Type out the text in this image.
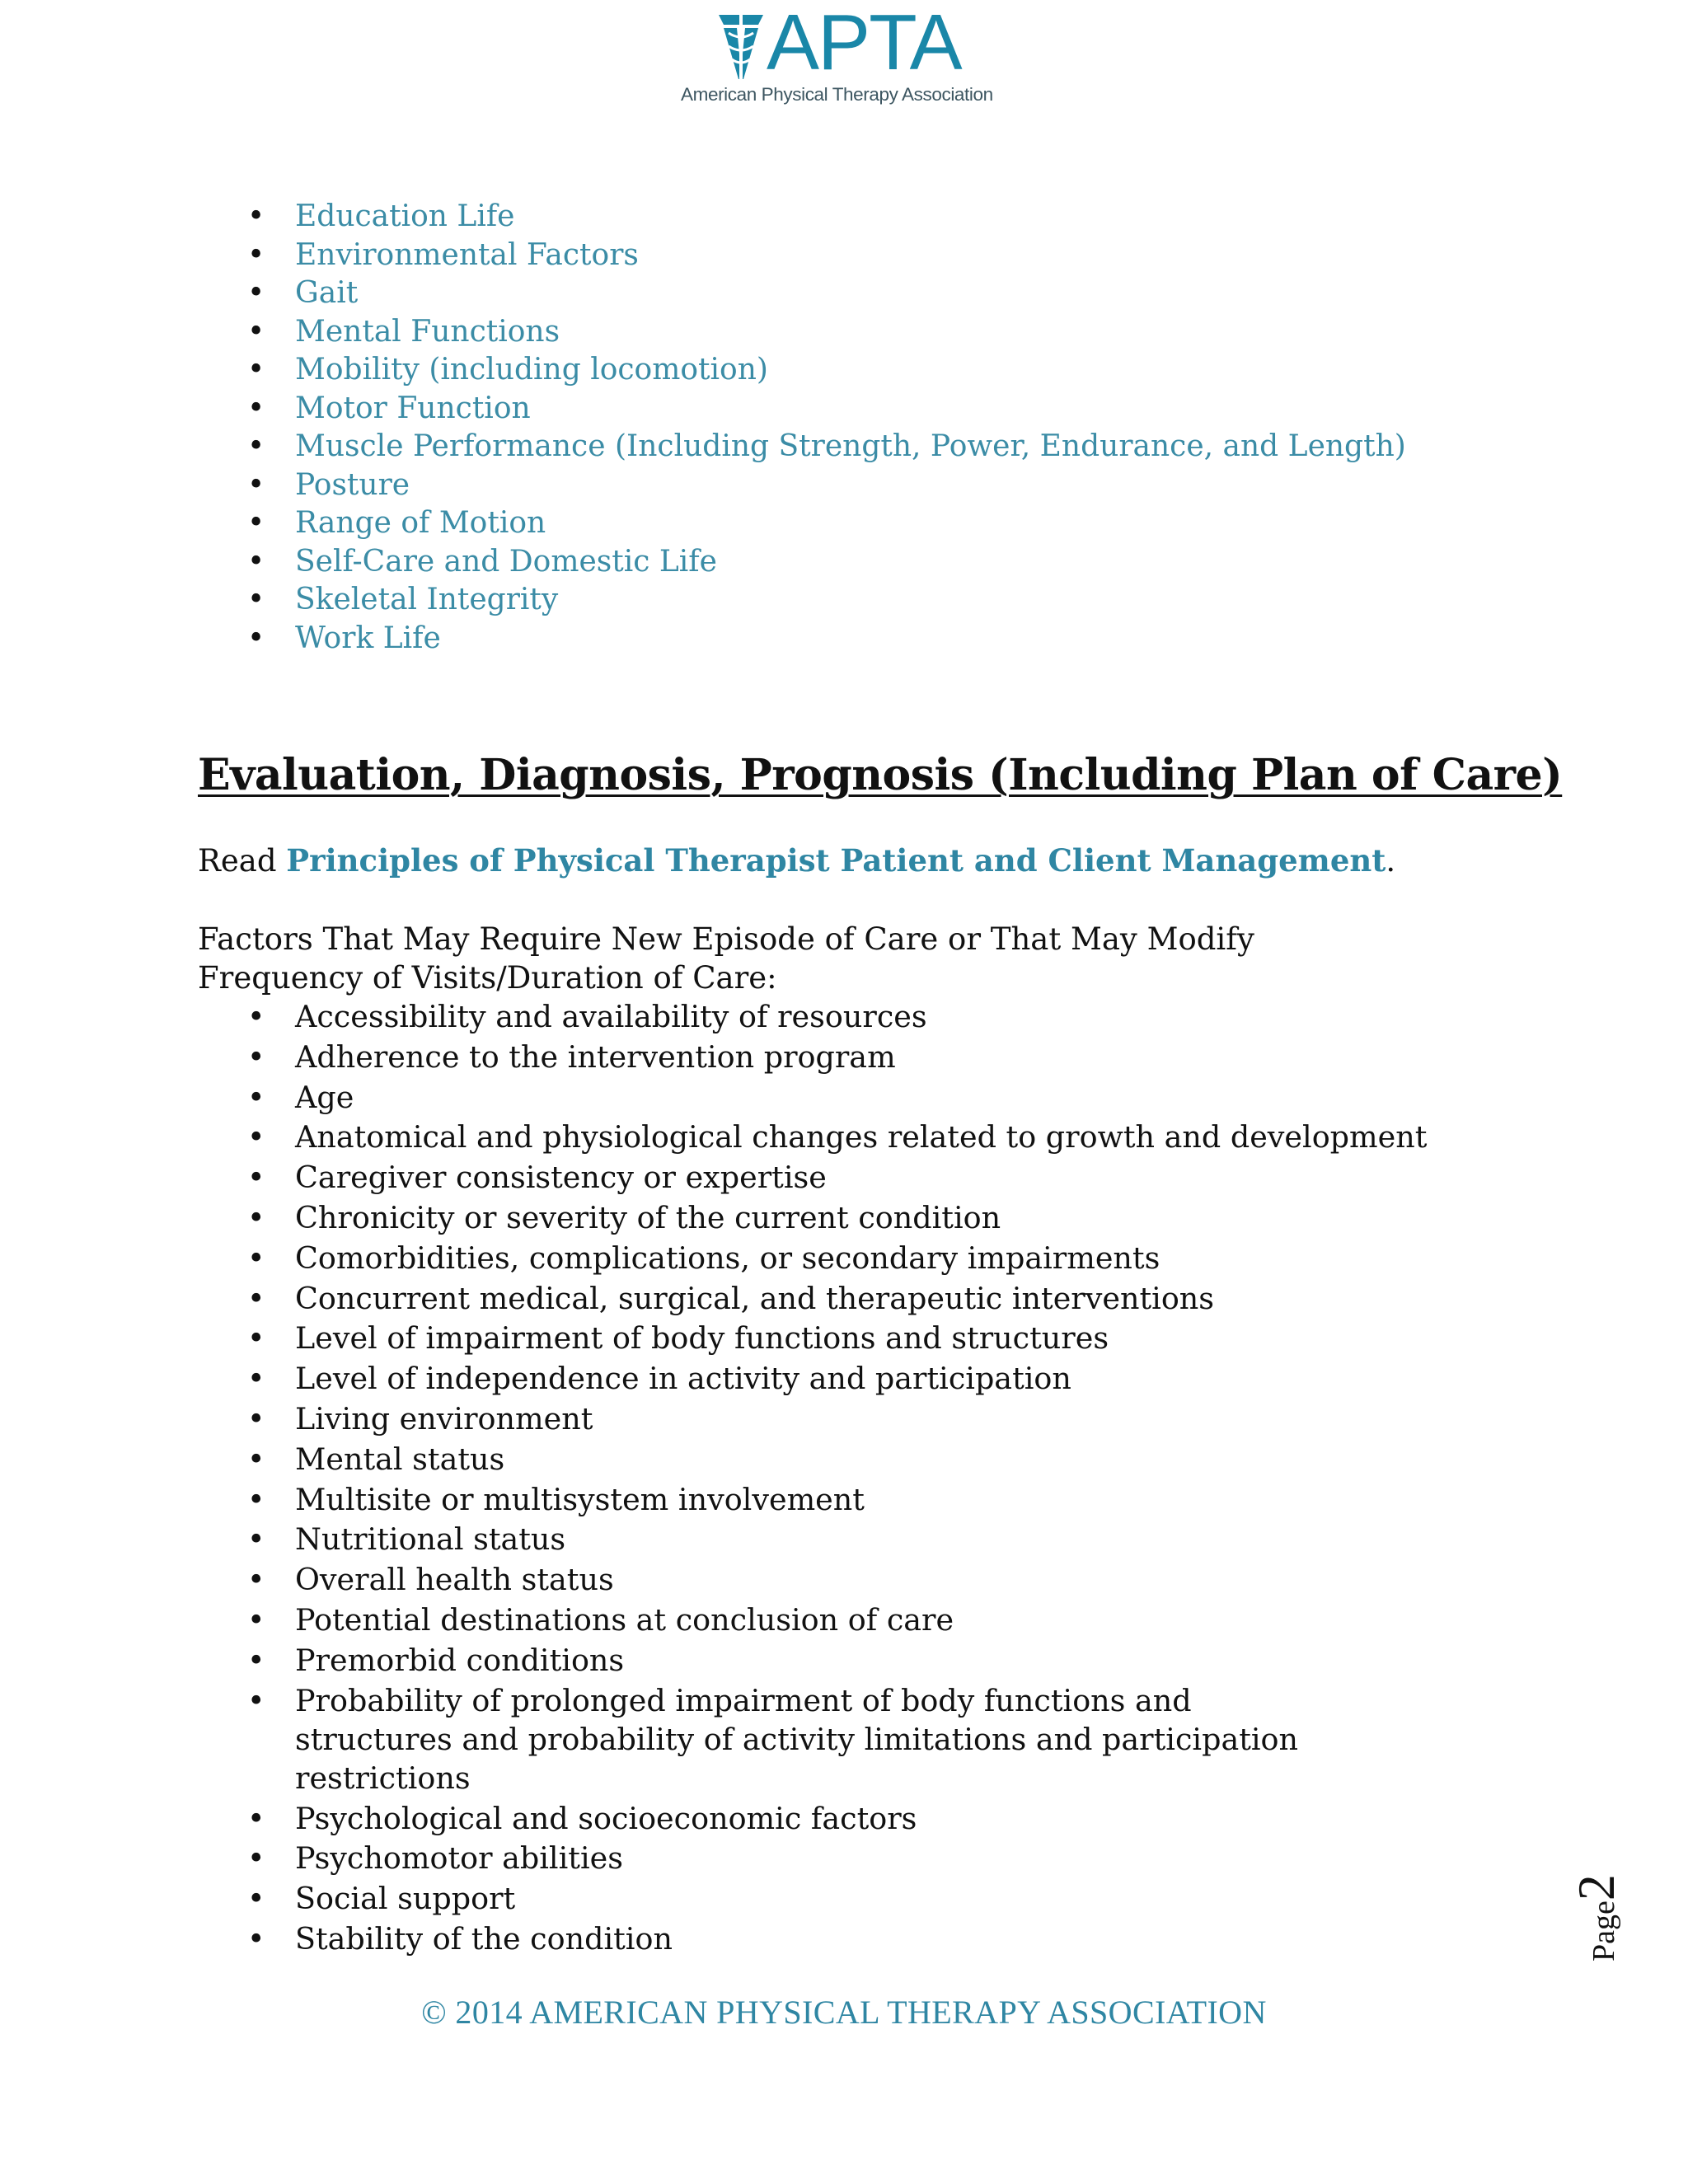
APTA
American Physical Therapy Association
• Education Life
• Environmental Factors
• Gait
• Mental Functions
• Mobility (including locomotion)
• Motor Function
• Muscle Performance (Including Strength, Power, Endurance, and Length)
• Posture
• Range of Motion
• Self-Care and Domestic Life
• Skeletal Integrity
• Work Life
Evaluation, Diagnosis, Prognosis (Including Plan of Care)
Read Principles of Physical Therapist Patient and Client Management.
Factors That May Require New Episode of Care or That May Modify Frequency of Visits/Duration of Care:
• Accessibility and availability of resources
• Adherence to the intervention program
• Age
• Anatomical and physiological changes related to growth and development
• Caregiver consistency or expertise
• Chronicity or severity of the current condition
• Comorbidities, complications, or secondary impairments
• Concurrent medical, surgical, and therapeutic interventions
• Level of impairment of body functions and structures
• Level of independence in activity and participation
• Living environment
• Mental status
• Multisite or multisystem involvement
• Nutritional status
• Overall health status
• Potential destinations at conclusion of care
• Premorbid conditions
• Probability of prolonged impairment of body functions and structures and probability of activity limitations and participation restrictions
• Psychological and socioeconomic factors
• Psychomotor abilities
• Social support
• Stability of the condition	Page2
© 2014 AMERICAN PHYSICAL THERAPY ASSOCIATION
